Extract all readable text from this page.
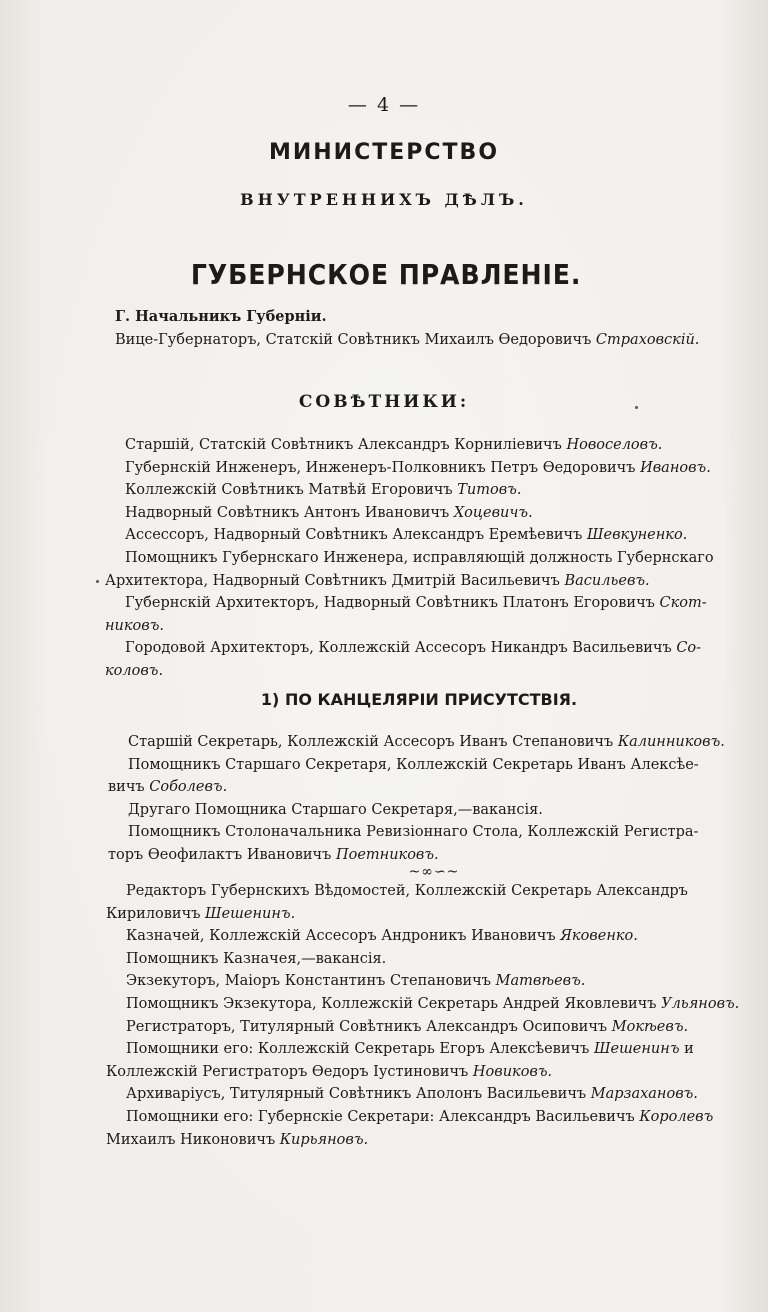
— 4 —
МИНИСТЕРСТВО
ВНУТРЕННИХЪ ДѢЛЪ.
ГУБЕРНСКОЕ ПРАВЛЕНІЕ.
Г. Начальникъ Губерніи.
Вице-Губернаторъ, Статскій Совѣтникъ Михаилъ Ѳедоровичъ Страховскій.
СОВѢТНИКИ:
Старшій, Статскій Совѣтникъ Александръ Корниліевичъ Новоселовъ.
Губернскій Инженеръ, Инженеръ-Полковникъ Петръ Ѳедоровичъ Ивановъ.
Коллежскій Совѣтникъ Матвѣй Егоровичъ Титовъ.
Надворный Совѣтникъ Антонъ Ивановичъ Хоцевичъ.
Ассессоръ, Надворный Совѣтникъ Александръ Еремѣевичъ Шевкуненко.
Помощникъ Губернскаго Инженера, исправляющій должность Губернскаго
Архитектора, Надворный Совѣтникъ Дмитрій Васильевичъ Васильевъ.
Губернскій Архитекторъ, Надворный Совѣтникъ Платонъ Егоровичъ Скот-
никовъ.
Городовой Архитекторъ, Коллежскій Ассесоръ Никандръ Васильевичъ Со-
коловъ.
1) ПО КАНЦЕЛЯРІИ ПРИСУТСТВІЯ.
Старшій Секретарь, Коллежскій Ассесоръ Иванъ Степановичъ Калинниковъ.
Помощникъ Старшаго Секретаря, Коллежскій Секретарь Иванъ Алексѣе-
вичъ Соболевъ.
Другаго Помощника Старшаго Секретаря,—вакансія.
Помощникъ Столоначальника Ревизіоннаго Стола, Коллежскій Регистра-
торъ Ѳеофилактъ Ивановичъ Поетниковъ.
~∞∽~
Редакторъ Губернскихъ Вѣдомостей, Коллежскій Секретарь Александръ
Кириловичъ Шешенинъ.
Казначей, Коллежскій Ассесоръ Андроникъ Ивановичъ Яковенко.
Помощникъ Казначея,—вакансія.
Экзекуторъ, Маіоръ Константинъ Степановичъ Матвѣевъ.
Помощникъ Экзекутора, Коллежскій Секретарь Андрей Яковлевичъ Ульяновъ.
Регистраторъ, Титулярный Совѣтникъ Александръ Осиповичъ Мокѣевъ.
Помощники его: Коллежскій Секретарь Егоръ Алексѣевичъ Шешенинъ и
Коллежскій Регистраторъ Ѳедоръ Іустиновичъ Новиковъ.
Архиваріусъ, Титулярный Совѣтникъ Аполонъ Васильевичъ Марзахановъ.
Помощники его: Губернскіе Секретари: Александръ Васильевичъ Королевъ
Михаилъ Никоновичъ Кирьяновъ.
